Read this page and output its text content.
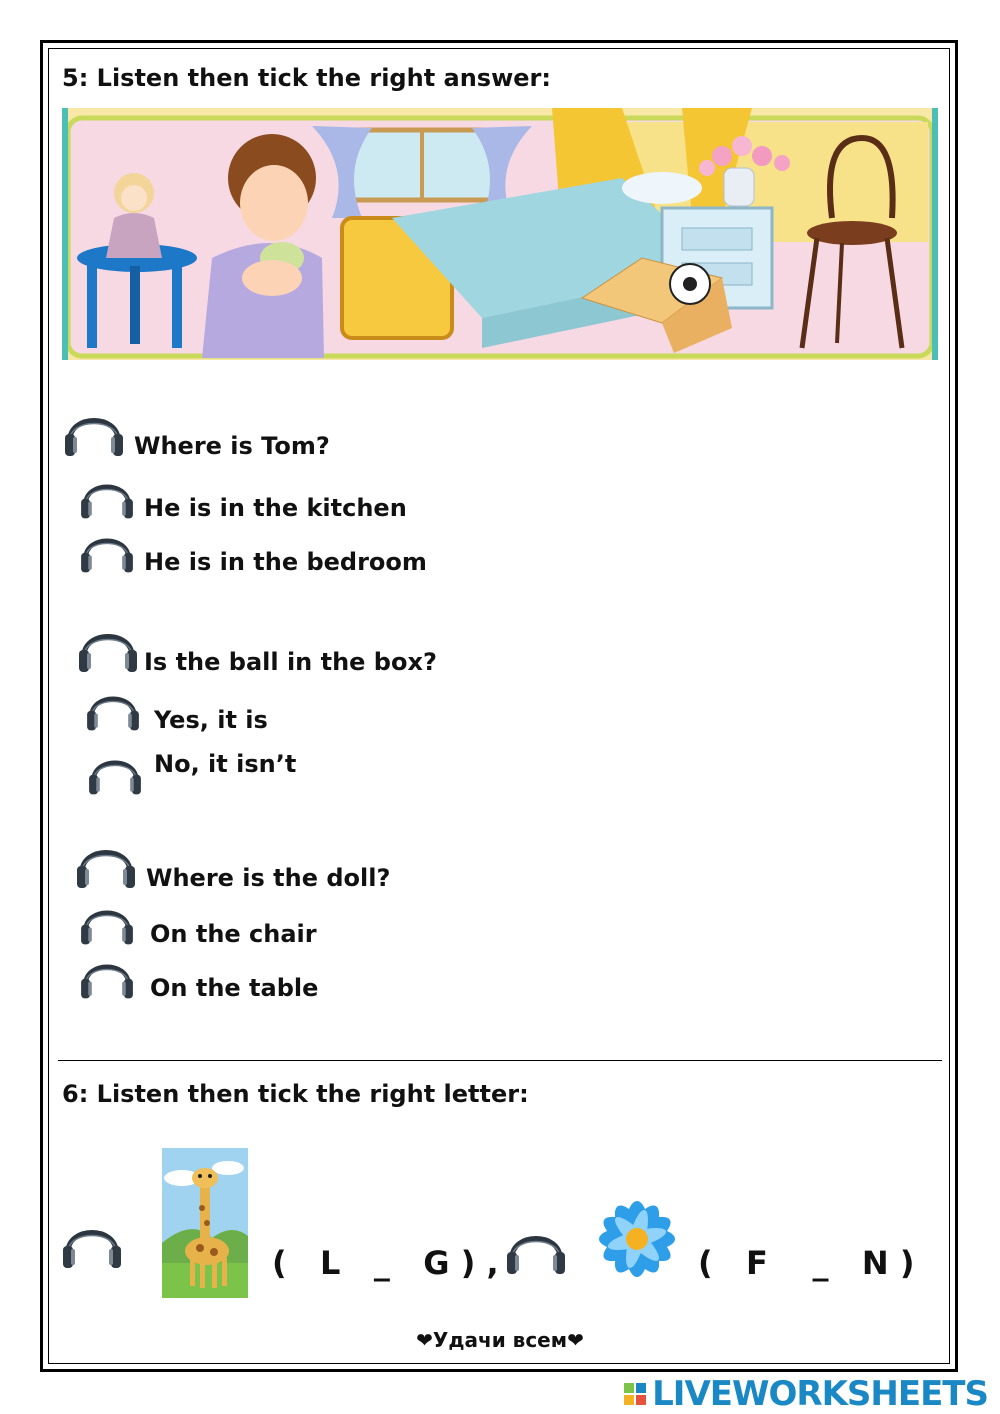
5: Listen then tick the right answer:
Where is Tom?
He is in the kitchen
He is in the bedroom
Is the ball in the box?
Yes, it is
No, it isn’t
Where is the doll?
On the chair
On the table
6: Listen then tick the right letter:
(   L   _   G ) ,	(   F    _   N )
❤Удачи всем❤
LIVEWORKSHEETS
